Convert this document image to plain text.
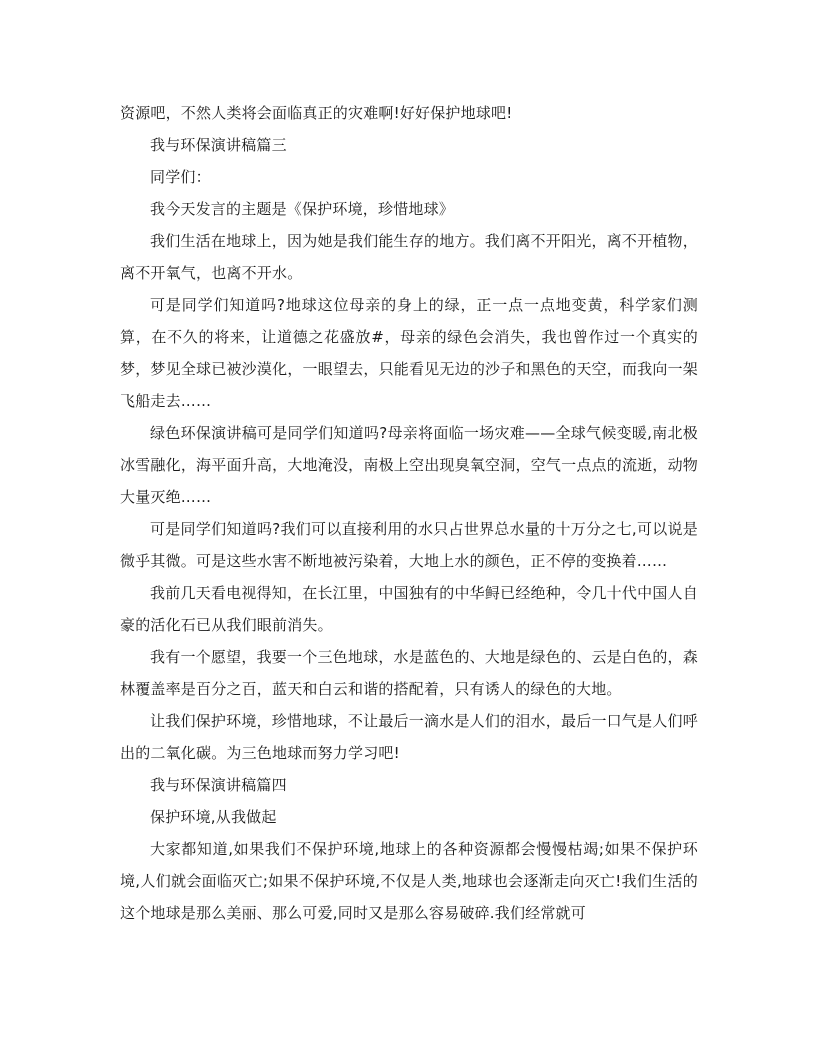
资源吧，不然人类将会面临真正的灾难啊!好好保护地球吧!

我与环保演讲稿篇三

同学们：

我今天发言的主题是《保护环境，珍惜地球》

我们生活在地球上，因为她是我们能生存的地方。我们离不开阳光，离不开植物，离不开氧气，也离不开水。

可是同学们知道吗?地球这位母亲的身上的绿，正一点一点地变黄，科学家们测算，在不久的将来，让道德之花盛放#，母亲的绿色会消失，我也曾作过一个真实的梦，梦见全球已被沙漠化，一眼望去，只能看见无边的沙子和黑色的天空，而我向一架飞船走去……

绿色环保演讲稿可是同学们知道吗?母亲将面临一场灾难——全球气候变暖,南北极冰雪融化，海平面升高，大地淹没，南极上空出现臭氧空洞，空气一点点的流逝，动物大量灭绝……

可是同学们知道吗?我们可以直接利用的水只占世界总水量的十万分之七,可以说是微乎其微。可是这些水害不断地被污染着，大地上水的颜色，正不停的变换着……

我前几天看电视得知，在长江里，中国独有的中华鲟已经绝种，令几十代中国人自豪的活化石已从我们眼前消失。

我有一个愿望，我要一个三色地球，水是蓝色的、大地是绿色的、云是白色的，森林覆盖率是百分之百，蓝天和白云和谐的搭配着，只有诱人的绿色的大地。

让我们保护环境，珍惜地球，不让最后一滴水是人们的泪水，最后一口气是人们呼出的二氧化碳。为三色地球而努力学习吧!

我与环保演讲稿篇四

保护环境,从我做起

大家都知道,如果我们不保护环境,地球上的各种资源都会慢慢枯竭;如果不保护环境,人们就会面临灭亡;如果不保护环境,不仅是人类,地球也会逐渐走向灭亡!我们生活的这个地球是那么美丽、那么可爱,同时又是那么容易破碎.我们经常就可
